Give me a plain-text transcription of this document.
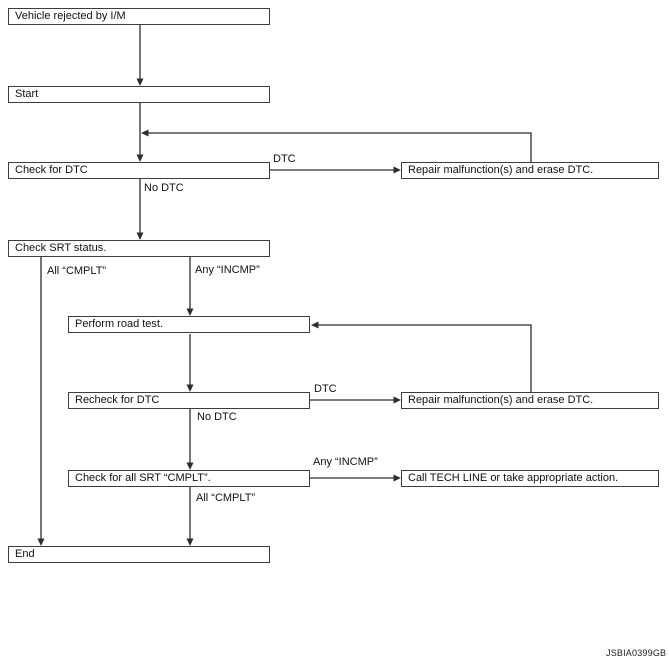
Vehicle rejected by I/M
Start
Check for DTC	Repair malfunction(s) and erase DTC.
Check SRT status.
Perform road test.
Recheck for DTC	Repair malfunction(s) and erase DTC.
Check for all SRT “CMPLT”.	Call TECH LINE or take appropriate action.
End
DTC
No DTC
All “CMPLT”	Any “INCMP”
DTC
No DTC
Any “INCMP”
All “CMPLT”
JSBIA0399GB
